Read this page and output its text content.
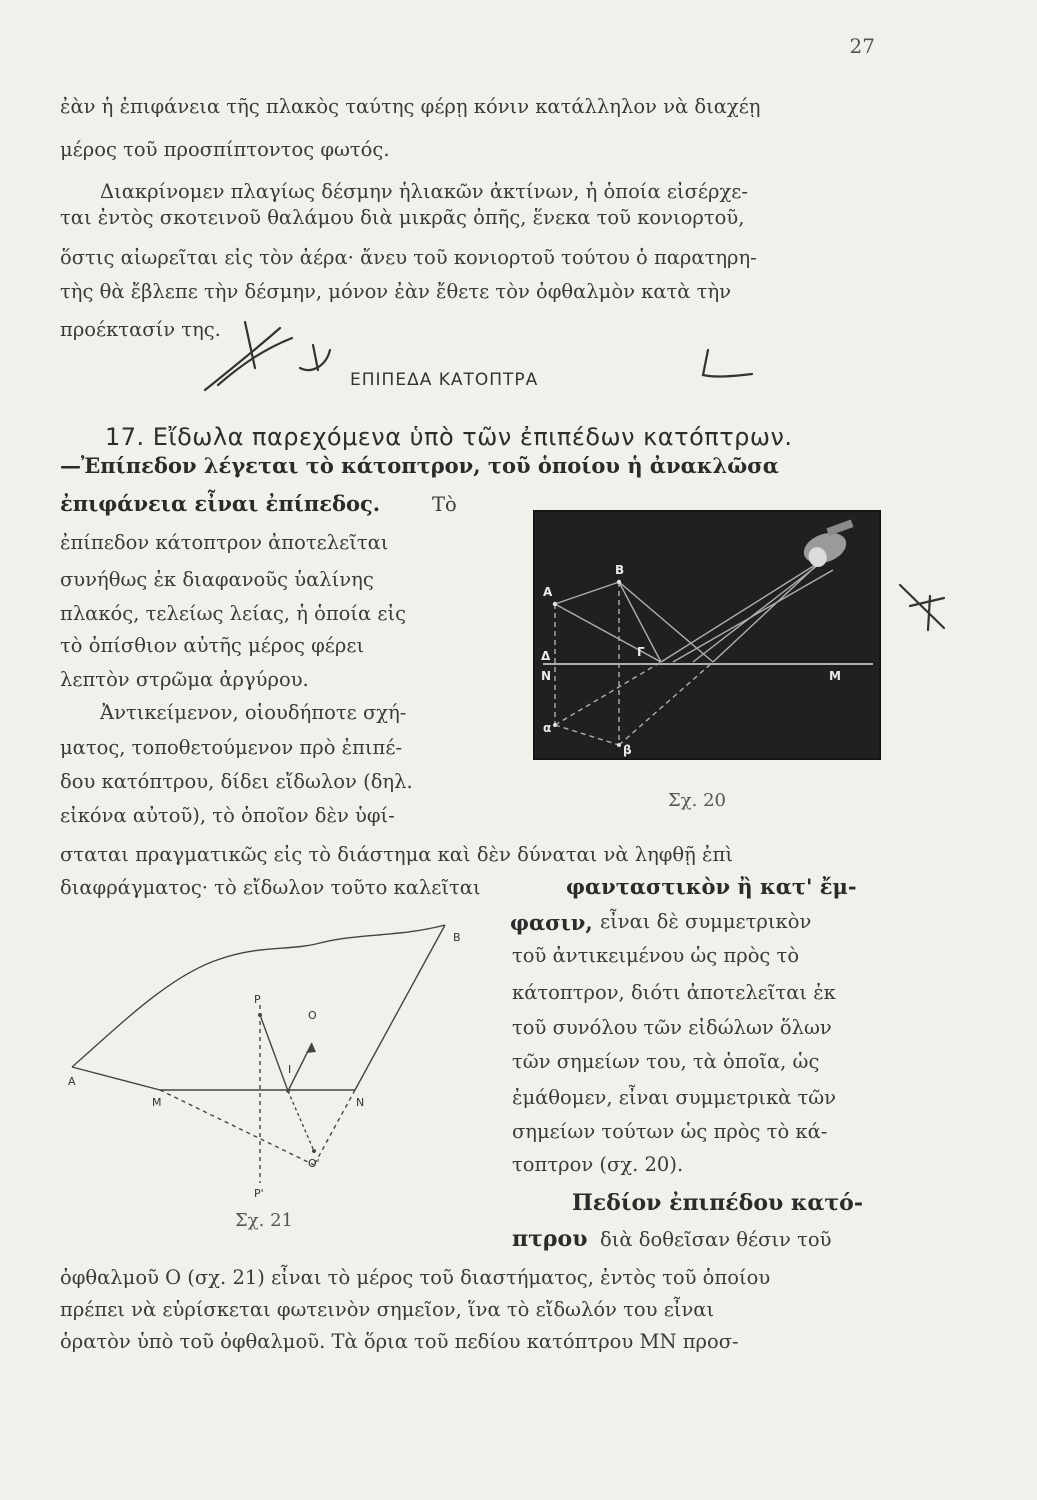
27
ἐὰν ἡ ἐπιφάνεια τῆς πλακὸς ταύτης φέρῃ κόνιν κατάλληλον νὰ διαχέῃ
μέρος τοῦ προσπίπτοντος φωτός.
Διακρίνομεν πλαγίως δέσμην ἡλιακῶν ἀκτίνων, ἡ ὁποία εἰσέρχε-
ται ἐντὸς σκοτεινοῦ θαλάμου διὰ μικρᾶς ὀπῆς, ἕνεκα τοῦ κονιορτοῦ,
ὅστις αἰωρεῖται εἰς τὸν ἀέρα· ἄνευ τοῦ κονιορτοῦ τούτου ὁ παρατηρη-
τὴς θὰ ἔβλεπε τὴν δέσμην, μόνον ἐὰν ἔθετε τὸν ὀφθαλμὸν κατὰ τὴν
προέκτασίν της.
ΕΠΙΠΕΔΑ ΚΑΤΟΠΤΡΑ
17. Εἴδωλα παρεχόμενα ὑπὸ τῶν ἐπιπέδων κατόπτρων.
—Ἐπίπεδον λέγεται τὸ κάτοπτρον, τοῦ ὁποίου ἡ ἀνακλῶσα
ἐπιφάνεια εἶναι ἐπίπεδος.	Τὸ
ἐπίπεδον κάτοπτρον ἀποτελεῖται
συνήθως ἐκ διαφανοῦς ὑαλίνης
πλακός, τελείως λείας, ἡ ὁποία εἰς
τὸ ὀπίσθιον αὐτῆς μέρος φέρει
λεπτὸν στρῶμα ἀργύρου.
Ἀντικείμενον, οἱουδήποτε σχή-
ματος, τοποθετούμενον πρὸ ἐπιπέ-
δου κατόπτρου, δίδει εἴδωλον (δηλ.
εἰκόνα αὐτοῦ), τὸ ὁποῖον δὲν ὑφί-
A
B
Δ	Γ
N	M
α
β
Σχ. 20
σταται πραγματικῶς εἰς τὸ διάστημα καὶ δὲν δύναται νὰ ληφθῇ ἐπὶ
διαφράγματος· τὸ εἴδωλον τοῦτο καλεῖται	φανταστικὸν ἢ κατ' ἔμ-
φασιν, εἶναι δὲ συμμετρικὸν
τοῦ ἀντικειμένου ὡς πρὸς τὸ
κάτοπτρον, διότι ἀποτελεῖται ἐκ
τοῦ συνόλου τῶν εἰδώλων ὅλων
τῶν σημείων του, τὰ ὁποῖα, ὡς
ἐμάθομεν, εἶναι συμμετρικὰ τῶν
σημείων τούτων ὡς πρὸς τὸ κά-
τοπτρον (σχ. 20).
Πεδίον ἐπιπέδου κατό-
πτρου διὰ δοθεῖσαν θέσιν τοῦ
B
P
O
A
I
M	N
O'
P'
Σχ. 21
ὀφθαλμοῦ Ο (σχ. 21) εἶναι τὸ μέρος τοῦ διαστήματος, ἐντὸς τοῦ ὁποίου
πρέπει νὰ εὑρίσκεται φωτεινὸν σημεῖον, ἵνα τὸ εἴδωλόν του εἶναι
ὁρατὸν ὑπὸ τοῦ ὀφθαλμοῦ. Τὰ ὅρια τοῦ πεδίου κατόπτρου ΜΝ προσ-
